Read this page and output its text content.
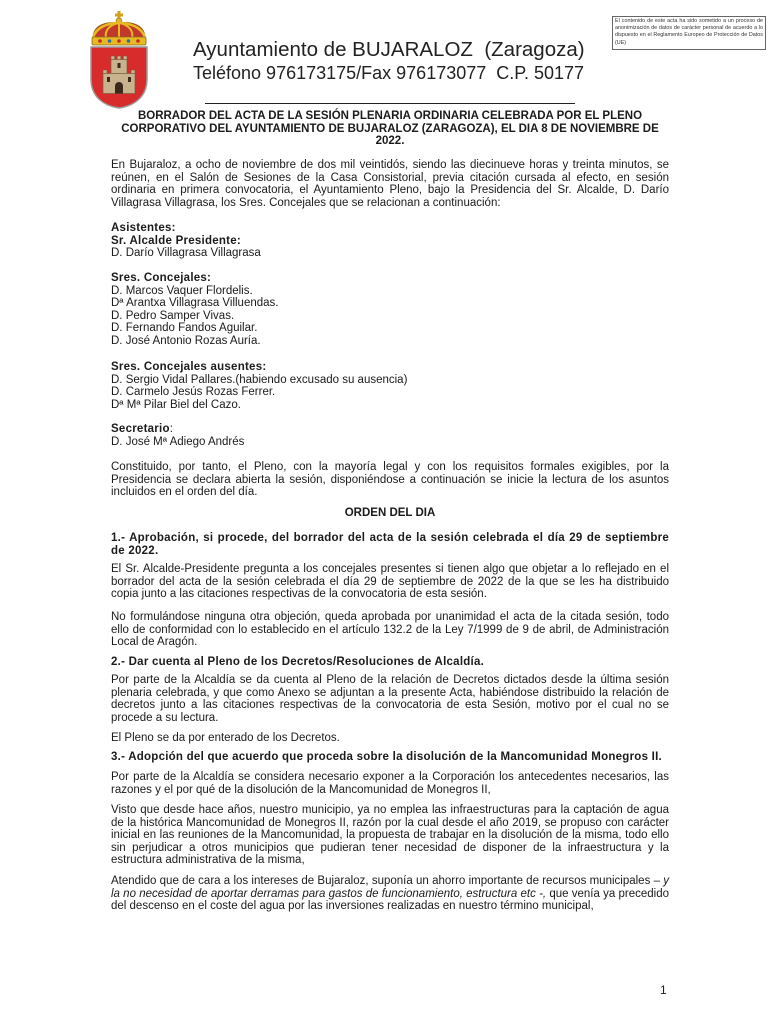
Ayuntamiento de BUJARALOZ  (Zaragoza)
Teléfono 976173175/Fax 976173077  C.P. 50177
El contenido de este acta ha sido sometido a un proceso de anonimización de datos de carácter personal de acuerdo a lo dispuesto en el Reglamento Europeo de Protección de Datos (UE)
BORRADOR DEL ACTA DE LA SESIÓN PLENARIA ORDINARIA CELEBRADA POR EL PLENO CORPORATIVO DEL AYUNTAMIENTO DE BUJARALOZ (ZARAGOZA), EL DIA 8 DE NOVIEMBRE DE 2022.
En Bujaraloz, a ocho de noviembre de dos mil veintidós, siendo las diecinueve horas y treinta minutos, se reúnen, en el Salón de Sesiones de la Casa Consistorial, previa citación cursada al efecto, en sesión ordinaria en primera convocatoria, el Ayuntamiento Pleno, bajo la Presidencia del Sr. Alcalde, D. Darío Villagrasa Villagrasa, los Sres. Concejales que se relacionan a continuación:
Asistentes:
Sr. Alcalde Presidente:
D. Darío Villagrasa Villagrasa
Sres. Concejales:
D. Marcos Vaquer Flordelis.
Dª Arantxa Villagrasa Villuendas.
D. Pedro Samper Vivas.
D. Fernando Fandos Aguilar.
D. José Antonio Rozas Auría.
Sres. Concejales ausentes:
D. Sergio Vidal Pallares.(habiendo excusado su ausencia)
D. Carmelo Jesús Rozas Ferrer.
Dª Mª Pilar Biel del Cazo.
Secretario:
D. José Mª Adiego Andrés
Constituido, por tanto, el Pleno, con la mayoría legal y con los requisitos formales exigibles, por la Presidencia se declara abierta la sesión, disponiéndose a continuación se inicie la lectura de los asuntos incluidos en el orden del día.
ORDEN DEL DIA
1.- Aprobación, si procede, del borrador del acta de la sesión celebrada el día 29 de septiembre de 2022.
El Sr. Alcalde-Presidente pregunta a los concejales presentes si tienen algo que objetar a lo reflejado en el borrador del acta de la sesión celebrada el día 29 de septiembre de 2022 de la que se les ha distribuido copia junto a las citaciones respectivas de la convocatoria de esta sesión.
No formulándose ninguna otra objeción, queda aprobada por unanimidad el acta de la citada sesión, todo ello de conformidad con lo establecido en el artículo 132.2 de la Ley 7/1999 de 9 de abril, de Administración Local de Aragón.
2.- Dar cuenta al Pleno de los Decretos/Resoluciones de Alcaldía.
Por parte de la Alcaldía se da cuenta al Pleno de la relación de Decretos dictados desde la última sesión plenaria celebrada, y que como Anexo se adjuntan a la presente Acta, habiéndose distribuido la relación de decretos junto a las citaciones respectivas de la convocatoria de esta Sesión, motivo por el cual no se procede a su lectura.
El Pleno se da por enterado de los Decretos.
3.- Adopción del que acuerdo que proceda sobre la disolución de la Mancomunidad Monegros II.
Por parte de la Alcaldía se considera necesario exponer a la Corporación los antecedentes necesarios, las razones y el por qué de la disolución de la Mancomunidad de Monegros II,
Visto que desde hace años, nuestro municipio, ya no emplea las infraestructuras para la captación de agua de la histórica Mancomunidad de Monegros II, razón por la cual desde el año 2019, se propuso con carácter inicial en las reuniones de la Mancomunidad, la propuesta de trabajar en la disolución de la misma, todo ello sin perjudicar a otros municipios que pudieran tener necesidad de disponer de la infraestructura y la estructura administrativa de la misma,
Atendido que de cara a los intereses de Bujaraloz, suponía un ahorro importante de recursos municipales – y la no necesidad de aportar derramas para gastos de funcionamiento, estructura etc -, que venía ya precedido del descenso en el coste del agua por las inversiones realizadas en nuestro término municipal,
1
